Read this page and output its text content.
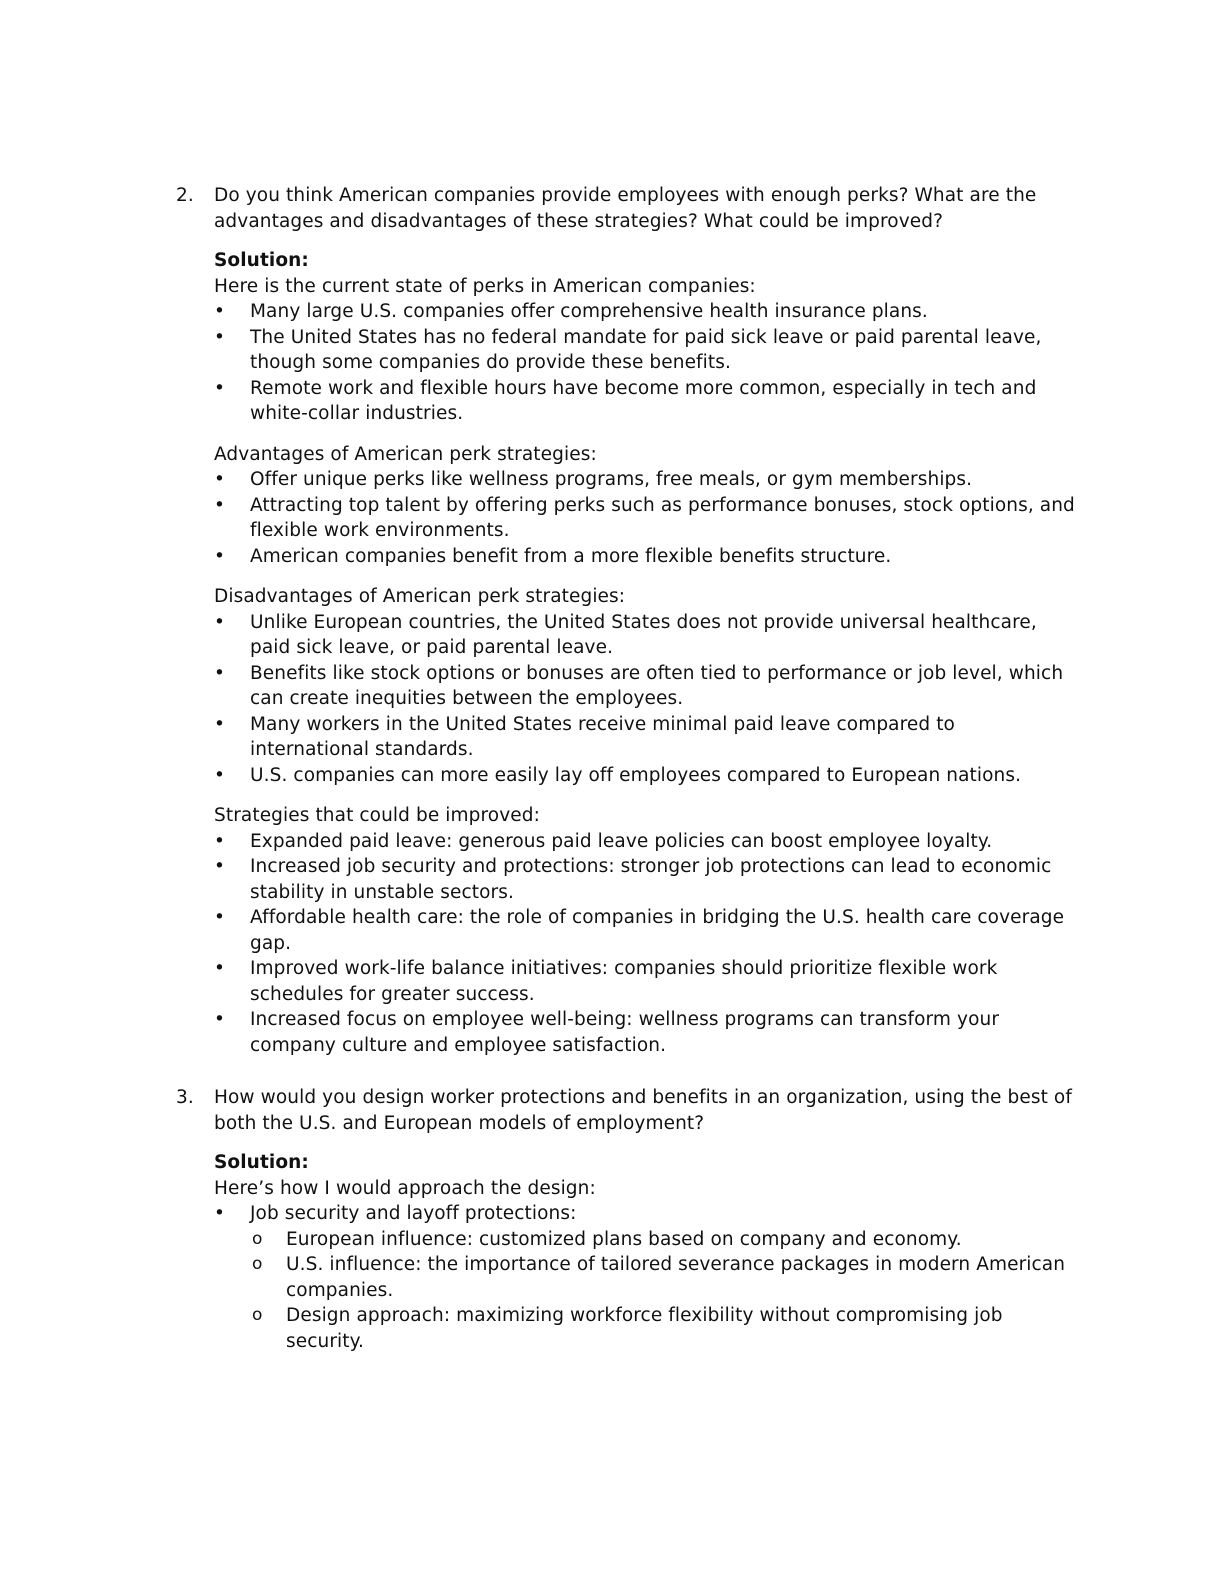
2.	Do you think American companies provide employees with enough perks? What are the advantages and disadvantages of these strategies? What could be improved?

Solution:

Here is the current state of perks in American companies:

•	Many large U.S. companies offer comprehensive health insurance plans.
•	The United States has no federal mandate for paid sick leave or paid parental leave, though some companies do provide these benefits.
•	Remote work and flexible hours have become more common, especially in tech and white-collar industries.

Advantages of American perk strategies:

•	Offer unique perks like wellness programs, free meals, or gym memberships.
•	Attracting top talent by offering perks such as performance bonuses, stock options, and flexible work environments.
•	American companies benefit from a more flexible benefits structure.

Disadvantages of American perk strategies:

•	Unlike European countries, the United States does not provide universal healthcare, paid sick leave, or paid parental leave.
•	Benefits like stock options or bonuses are often tied to performance or job level, which can create inequities between the employees.
•	Many workers in the United States receive minimal paid leave compared to international standards.
•	U.S. companies can more easily lay off employees compared to European nations.

Strategies that could be improved:

•	Expanded paid leave: generous paid leave policies can boost employee loyalty.
•	Increased job security and protections: stronger job protections can lead to economic stability in unstable sectors.
•	Affordable health care: the role of companies in bridging the U.S. health care coverage gap.
•	Improved work-life balance initiatives: companies should prioritize flexible work schedules for greater success.
•	Increased focus on employee well-being: wellness programs can transform your company culture and employee satisfaction.
3.	How would you design worker protections and benefits in an organization, using the best of both the U.S. and European models of employment?

Solution:

Here’s how I would approach the design:

•	Job security and layoff protections:
o European influence: customized plans based on company and economy.
o U.S. influence: the importance of tailored severance packages in modern American companies.
o Design approach: maximizing workforce flexibility without compromising job security.
